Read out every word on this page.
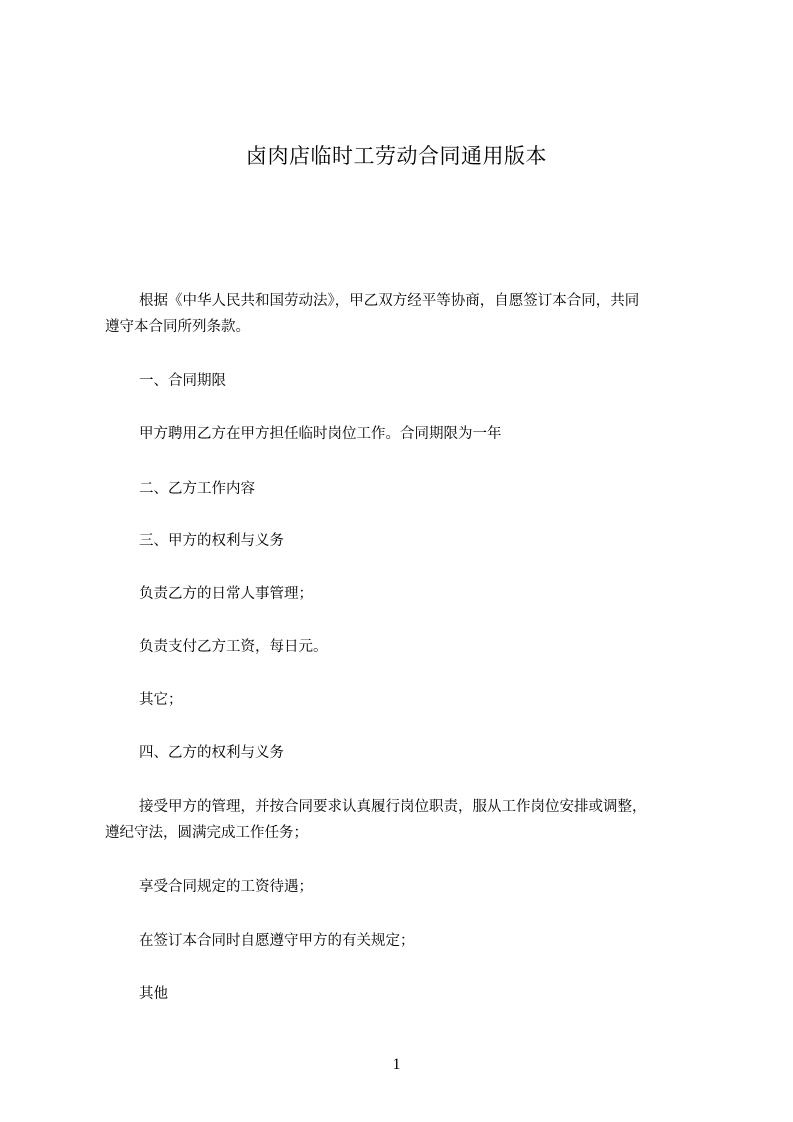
卤肉店临时工劳动合同通用版本
根据《中华人民共和国劳动法》，甲乙双方经平等协商，自愿签订本合同，共同
遵守本合同所列条款。
一、合同期限
甲方聘用乙方在甲方担任临时岗位工作。合同期限为一年
二、乙方工作内容
三、甲方的权利与义务
负责乙方的日常人事管理；
负责支付乙方工资，每日元。
其它；
四、乙方的权利与义务
接受甲方的管理，并按合同要求认真履行岗位职责，服从工作岗位安排或调整，
遵纪守法，圆满完成工作任务；
享受合同规定的工资待遇；
在签订本合同时自愿遵守甲方的有关规定；
其他
1
